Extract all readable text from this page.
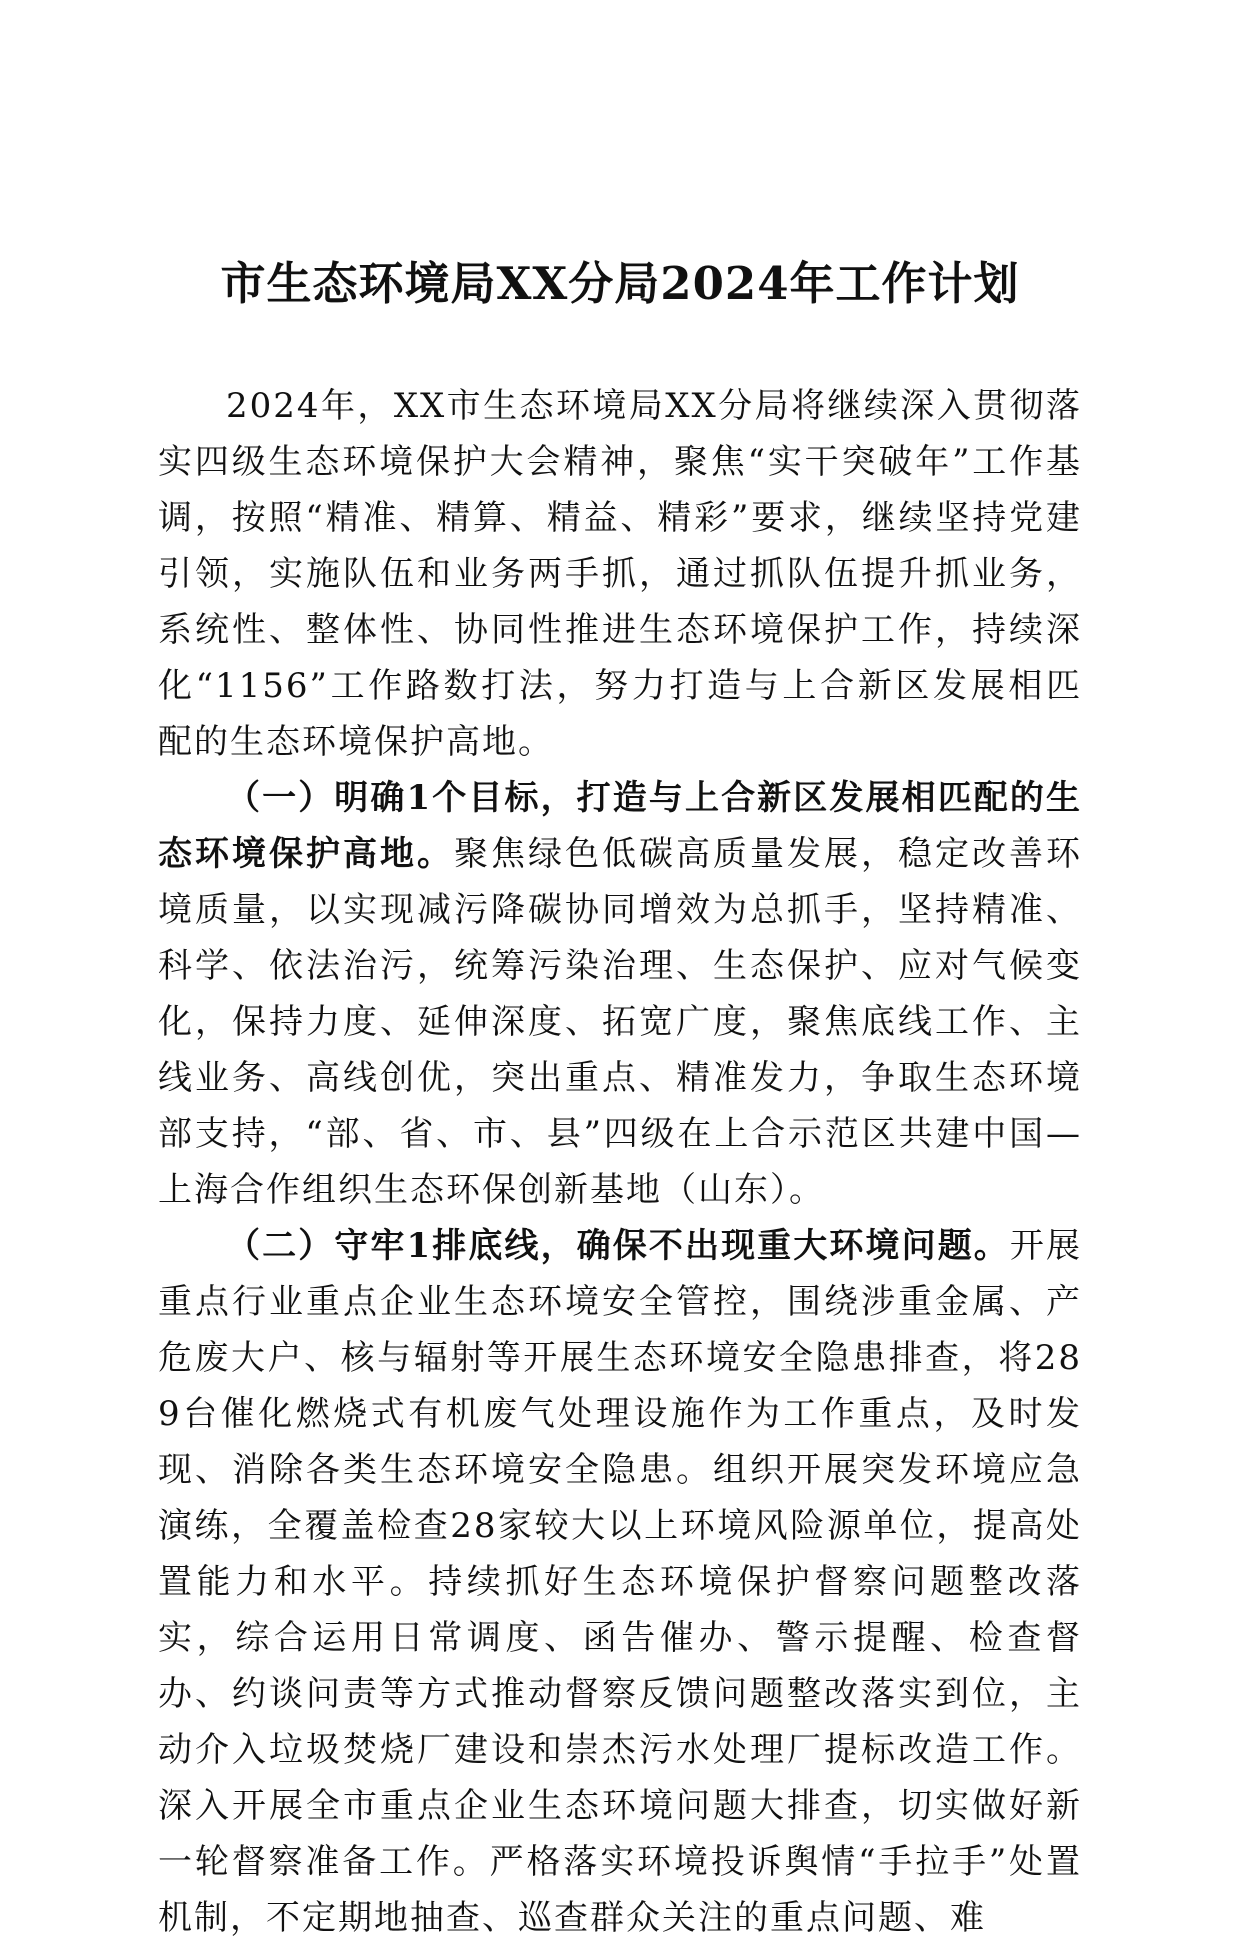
市生态环境局XX分局2024年工作计划

2024年，XX市生态环境局XX分局将继续深入贯彻落实四级生态环境保护大会精神，聚焦“实干突破年”工作基调，按照“精准、精算、精益、精彩”要求，继续坚持党建引领，实施队伍和业务两手抓，通过抓队伍提升抓业务，系统性、整体性、协同性推进生态环境保护工作，持续深化“1156”工作路数打法，努力打造与上合新区发展相匹配的生态环境保护高地。

（一）明确1个目标，打造与上合新区发展相匹配的生态环境保护高地。聚焦绿色低碳高质量发展，稳定改善环境质量，以实现减污降碳协同增效为总抓手，坚持精准、科学、依法治污，统筹污染治理、生态保护、应对气候变化，保持力度、延伸深度、拓宽广度，聚焦底线工作、主线业务、高线创优，突出重点、精准发力，争取生态环境部支持，“部、省、市、县”四级在上合示范区共建中国—上海合作组织生态环保创新基地（山东）。

（二）守牢1排底线，确保不出现重大环境问题。开展重点行业重点企业生态环境安全管控，围绕涉重金属、产危废大户、核与辐射等开展生态环境安全隐患排查，将289台催化燃烧式有机废气处理设施作为工作重点，及时发现、消除各类生态环境安全隐患。组织开展突发环境应急演练，全覆盖检查28家较大以上环境风险源单位，提高处置能力和水平。持续抓好生态环境保护督察问题整改落实，综合运用日常调度、函告催办、警示提醒、检查督办、约谈问责等方式推动督察反馈问题整改落实到位，主动介入垃圾焚烧厂建设和崇杰污水处理厂提标改造工作。深入开展全市重点企业生态环境问题大排查，切实做好新一轮督察准备工作。严格落实环境投诉舆情“手拉手”处置机制，不定期地抽查、巡查群众关注的重点问题、难
